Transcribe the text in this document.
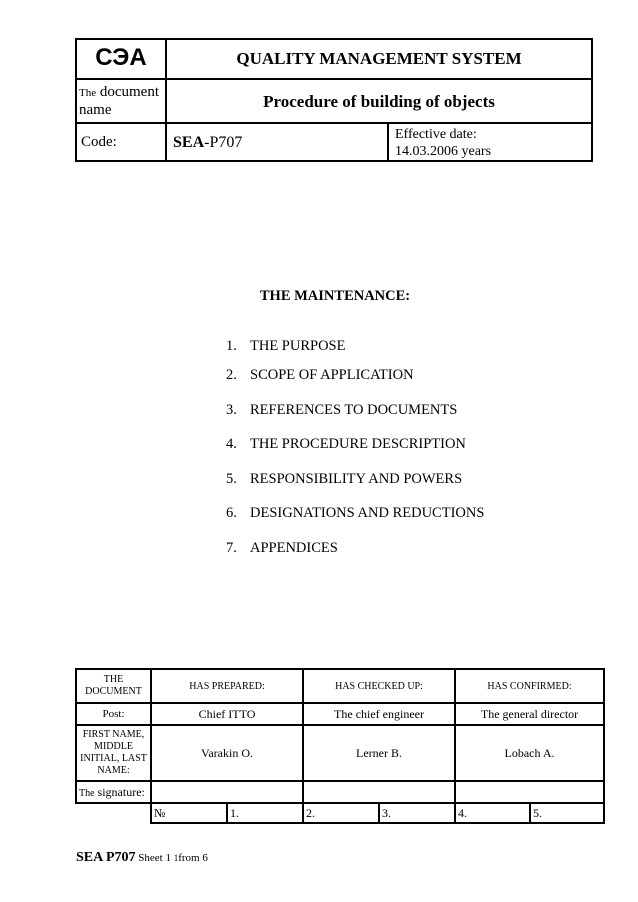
СЭА	QUALITY MANAGEMENT SYSTEM
The document name	Procedure of building of objects
Code:	SEA-P707	Effective date:
14.03.2006 years
THE MAINTENANCE:
1. THE PURPOSE
2. SCOPE OF APPLICATION
3. REFERENCES TO DOCUMENTS
4. THE PROCEDURE DESCRIPTION
5. RESPONSIBILITY AND POWERS
6. DESIGNATIONS AND REDUCTIONS
7. APPENDICES
THE DOCUMENT	HAS PREPARED:		HAS CHECKED UP:		HAS CONFIRMED:	
Post:	Chief ITTO		The chief engineer		The general director	
FIRST NAME, MIDDLE INITIAL, LAST NAME:	Varakin O.		Lerner B.		Lobach A.	
The signature:						
	№	1.	2.	3.	4.	5.
SEA P707 Sheet 1 1from 6
